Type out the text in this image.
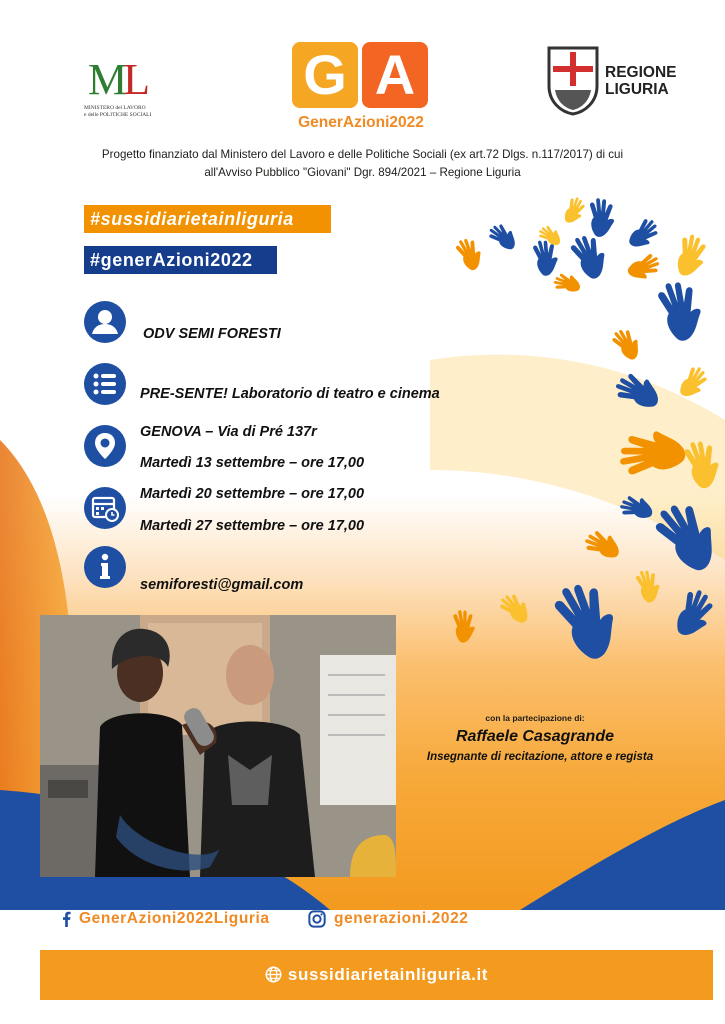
ML
MINISTERO del LAVORO
e delle POLITICHE SOCIALI
G A
GenerAzioni2022
REGIONE
LIGURIA
Progetto finanziato dal Ministero del Lavoro e delle Politiche Sociali (ex art.72 Dlgs. n.117/2017) di cui
all'Avviso Pubblico "Giovani" Dgr. 894/2021 – Regione Liguria
#sussidiarietainliguria
#generAzioni2022
ODV SEMI FORESTI
PRE-SENTE! Laboratorio di teatro e cinema
GENOVA – Via di Pré 137r
Martedì 13 settembre – ore 17,00
Martedì 20 settembre – ore 17,00
Martedì 27 settembre – ore 17,00
semiforesti@gmail.com
con la partecipazione di:
Raffaele Casagrande
Insegnante di recitazione, attore e regista
GenerAzioni2022Liguria	generazioni.2022
sussidiarietainliguria.it
